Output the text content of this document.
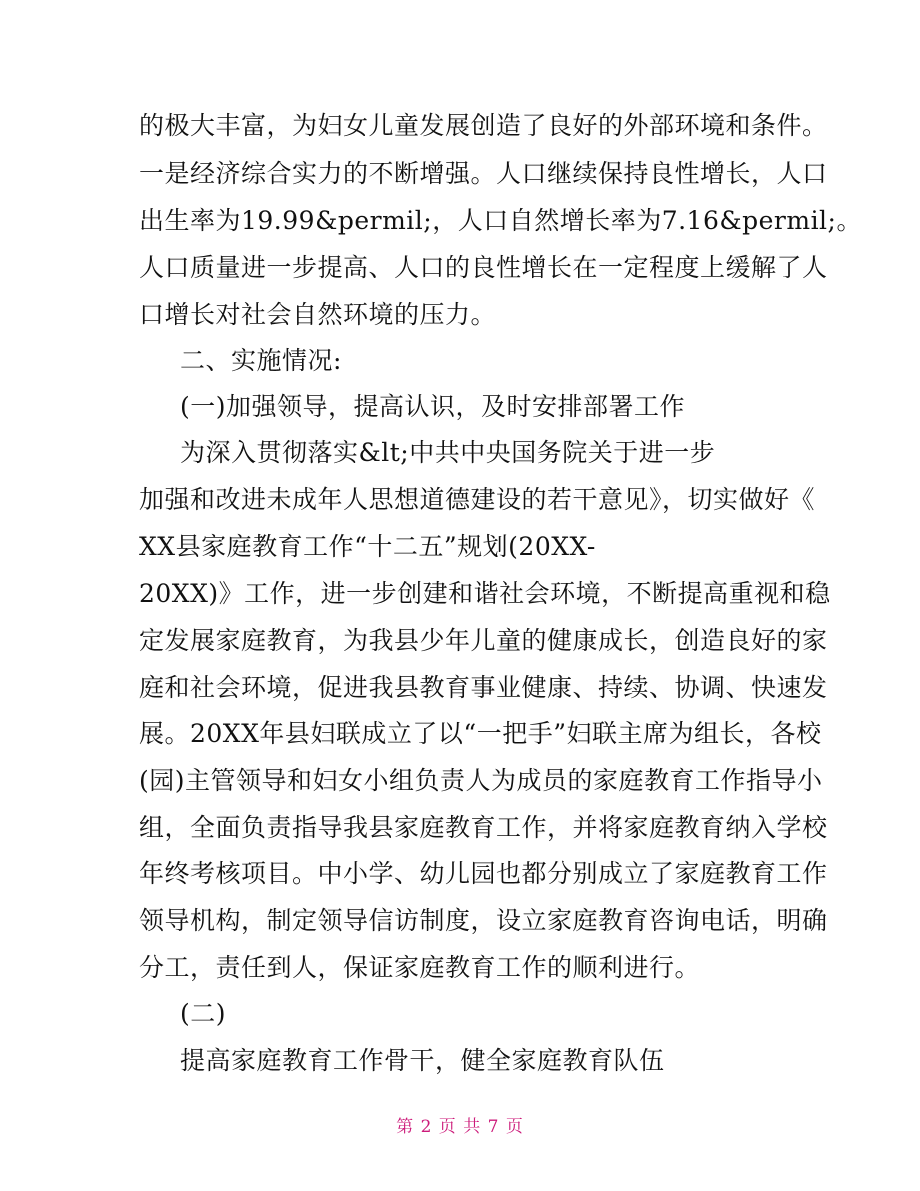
的极大丰富，为妇女儿童发展创造了良好的外部环境和条件。
一是经济综合实力的不断增强。人口继续保持良性增长，人口
出生率为19.99&permil;，人口自然增长率为7.16&permil;。
人口质量进一步提高、人口的良性增长在一定程度上缓解了人
口增长对社会自然环境的压力。
二、实施情况:
(一)加强领导，提高认识，及时安排部署工作
为深入贯彻落实&lt;中共中央国务院关于进一步
加强和改进未成年人思想道德建设的若干意见》，切实做好《
XX县家庭教育工作“十二五”规划(20XX-
20XX)》工作，进一步创建和谐社会环境，不断提高重视和稳
定发展家庭教育，为我县少年儿童的健康成长，创造良好的家
庭和社会环境，促进我县教育事业健康、持续、协调、快速发
展。20XX年县妇联成立了以“一把手”妇联主席为组长，各校
(园)主管领导和妇女小组负责人为成员的家庭教育工作指导小
组，全面负责指导我县家庭教育工作，并将家庭教育纳入学校
年终考核项目。中小学、幼儿园也都分别成立了家庭教育工作
领导机构，制定领导信访制度，设立家庭教育咨询电话，明确
分工，责任到人，保证家庭教育工作的顺利进行。
(二)
提高家庭教育工作骨干，健全家庭教育队伍
第 2 页 共 7 页
